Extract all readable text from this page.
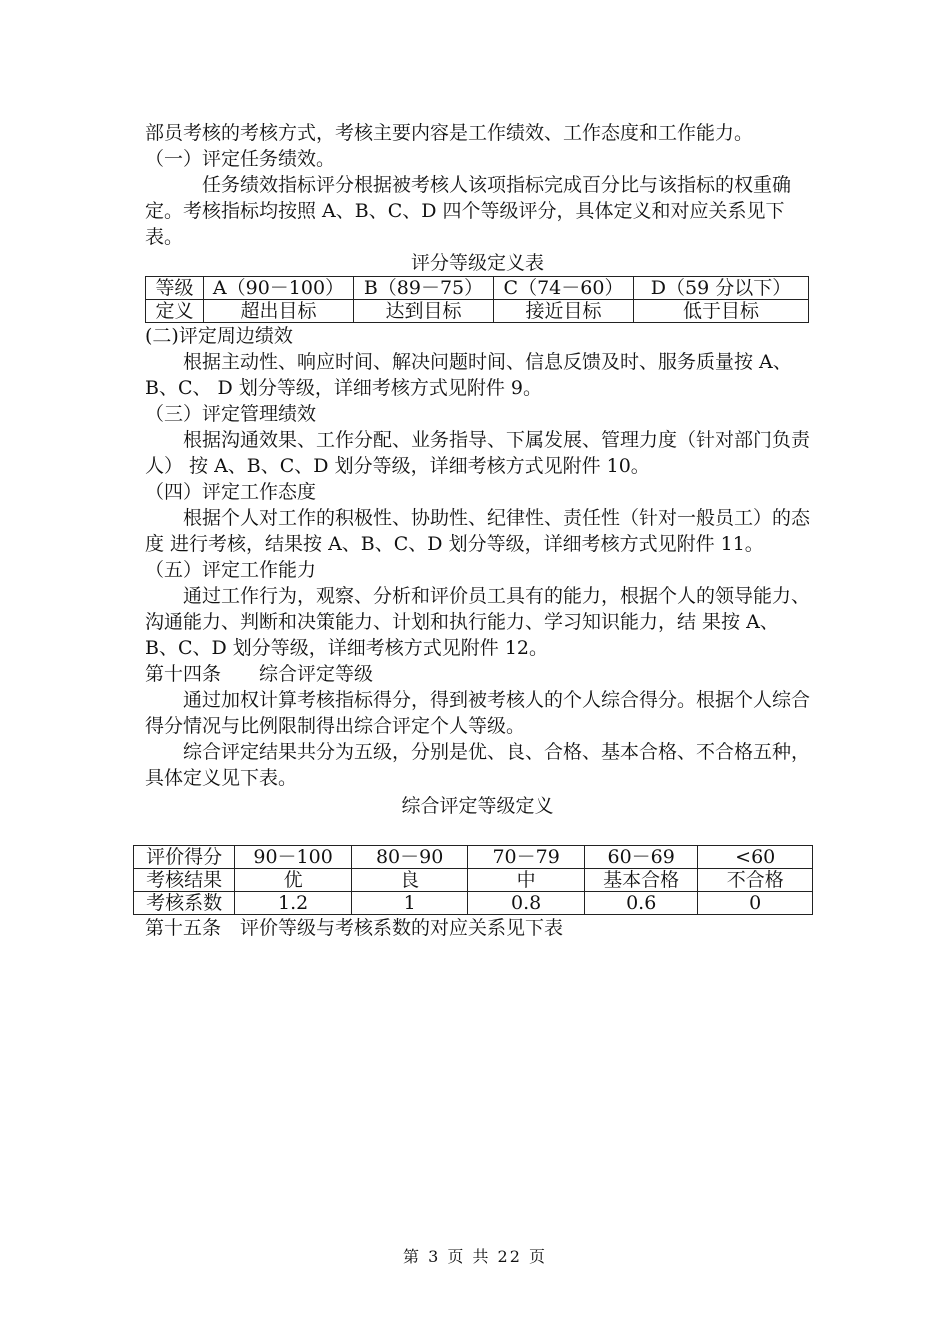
部员考核的考核方式，考核主要内容是工作绩效、工作态度和工作能力。

（一）评定任务绩效。

任务绩效指标评分根据被考核人该项指标完成百分比与该指标的权重确定。考核指标均按照 A、B、C、D 四个等级评分，具体定义和对应关系见下表。

评分等级定义表

等级	A（90－100）	B（89－75）	C（74－60）	D（59 分以下）
定义	超出目标	达到目标	接近目标	低于目标

(二)评定周边绩效

根据主动性、响应时间、解决问题时间、信息反馈及时、服务质量按 A、B、C、 D 划分等级，详细考核方式见附件 9。

（三）评定管理绩效

根据沟通效果、工作分配、业务指导、下属发展、管理力度（针对部门负责人） 按 A、B、C、D 划分等级，详细考核方式见附件 10。

（四）评定工作态度

根据个人对工作的积极性、协助性、纪律性、责任性（针对一般员工）的态度 进行考核，结果按 A、B、C、D 划分等级，详细考核方式见附件 11。

（五）评定工作能力

通过工作行为，观察、分析和评价员工具有的能力，根据个人的领导能力、沟通能力、判断和决策能力、计划和执行能力、学习知识能力，结 果按 A、B、C、D 划分等级，详细考核方式见附件 12。

第十四条　　综合评定等级

通过加权计算考核指标得分，得到被考核人的个人综合得分。根据个人综合得分情况与比例限制得出综合评定个人等级。

综合评定结果共分为五级，分别是优、良、合格、基本合格、不合格五种，具体定义见下表。

综合评定等级定义

评价得分	90－100	80－90	70－79	60－69	<60
考核结果	优	良	中	基本合格	不合格
考核系数	1.2	1	0.8	0.6	0

第十五条　评价等级与考核系数的对应关系见下表

第 3 页 共 22 页
